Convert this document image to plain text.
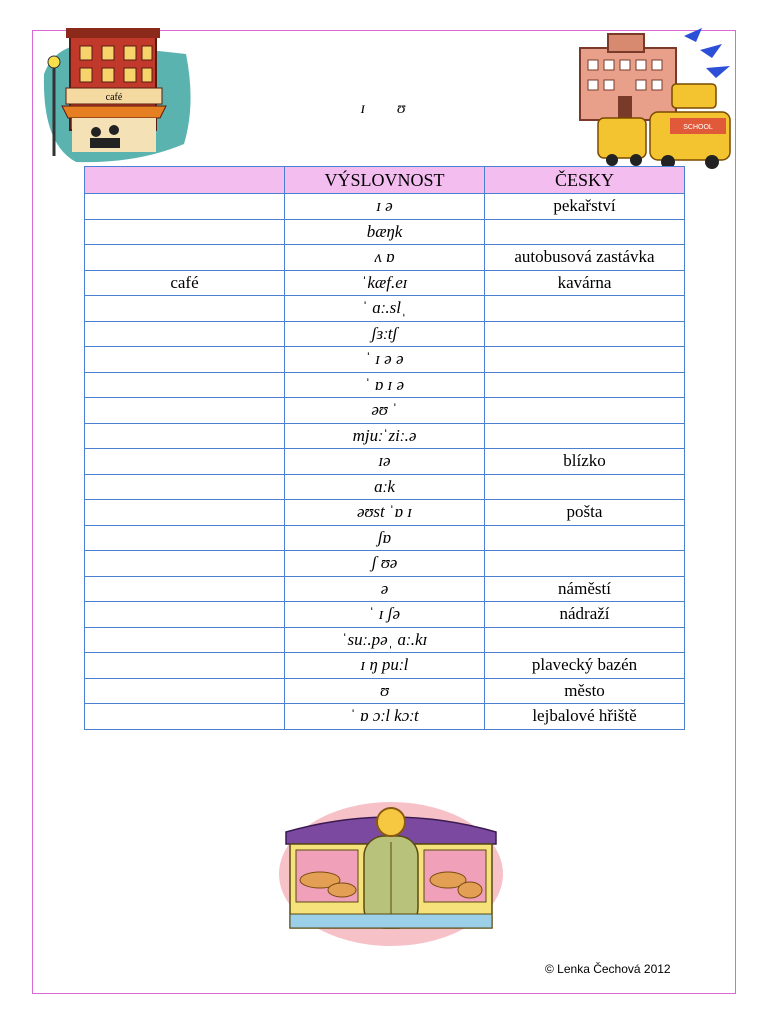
café
SCHOOL
ɪ ʊ
	VÝSLOVNOST	ČESKY
	ɪ ə	pekařství
	bæŋk	
	ʌ ɒ	autobusová zastávka
café	ˈkæf.eɪ	kavárna
	ˈ ɑː.slˌ	
	ʃɜːtʃ	
	ˈ ɪ ə ə	
	ˈ ɒ ɪ ə	
	əʊ ˈ	
	mjuːˈziː.ə	
	ɪə	blízko
	ɑːk	
	əʊst ˈɒ ɪ	pošta
	ʃɒ	
	ʃ ʊə	
	ə	náměstí
	ˈ ɪ ʃə	nádraží
	ˈsuː.pəˌ ɑː.kɪ	
	ɪ ŋ puːl	plavecký bazén
	ʊ	město
	ˈ ɒ ɔːl kɔːt	lejbalové hřiště
© Lenka Čechová 2012
